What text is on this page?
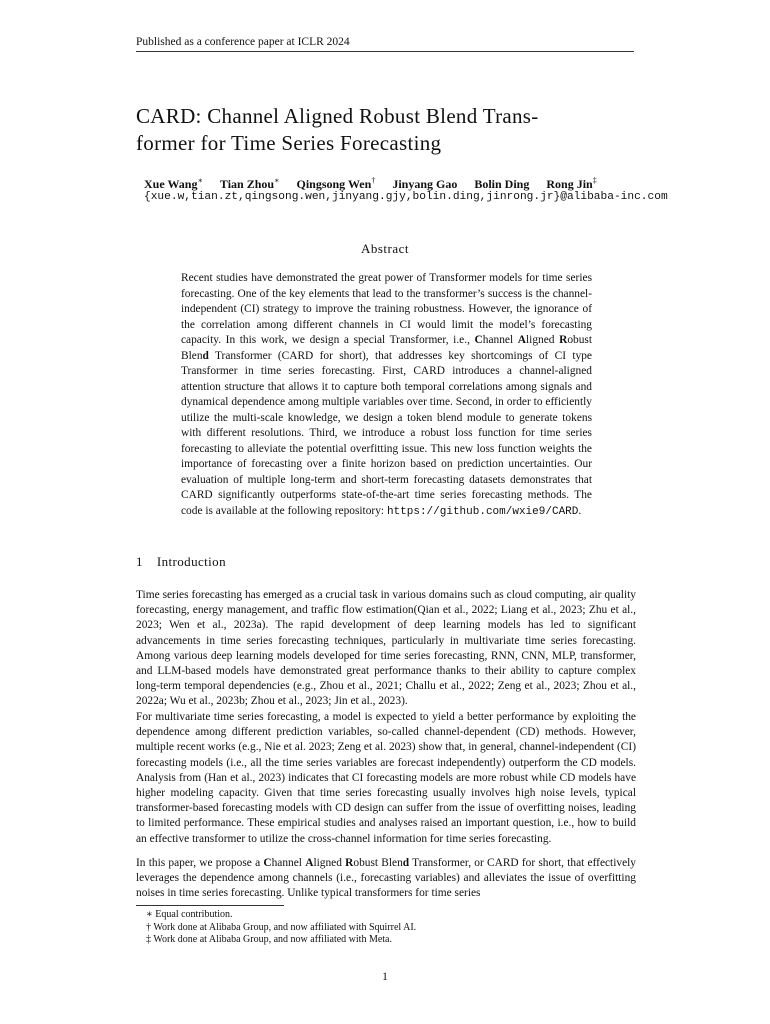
Published as a conference paper at ICLR 2024
CARD: Channel Aligned Robust Blend Trans-
former for Time Series Forecasting
Xue Wang∗ Tian Zhou∗ Qingsong Wen† Jinyang Gao Bolin Ding Rong Jin‡
{xue.w,tian.zt,qingsong.wen,jinyang.gjy,bolin.ding,jinrong.jr}@alibaba-inc.com
Abstract
Recent studies have demonstrated the great power of Transformer models for time series forecasting. One of the key elements that lead to the transformer’s success is the channel-independent (CI) strategy to improve the training robustness. However, the ignorance of the correlation among different channels in CI would limit the model’s forecasting capacity. In this work, we design a special Transformer, i.e., Channel Aligned Robust Blend Transformer (CARD for short), that addresses key shortcomings of CI type Transformer in time series forecasting. First, CARD introduces a channel-aligned attention structure that allows it to capture both temporal correlations among signals and dynamical dependence among multiple variables over time. Second, in order to efficiently utilize the multi-scale knowledge, we design a token blend module to generate tokens with different resolutions. Third, we introduce a robust loss function for time series forecasting to alleviate the potential overfitting issue. This new loss function weights the importance of forecasting over a finite horizon based on prediction uncertainties. Our evaluation of multiple long-term and short-term forecasting datasets demonstrates that CARD significantly outperforms state-of-the-art time series forecasting methods. The code is available at the following repository: https://github.com/wxie9/CARD.
1 Introduction
Time series forecasting has emerged as a crucial task in various domains such as cloud computing, air quality forecasting, energy management, and traffic flow estimation(Qian et al., 2022; Liang et al., 2023; Zhu et al., 2023; Wen et al., 2023a). The rapid development of deep learning models has led to significant advancements in time series forecasting techniques, particularly in multivariate time series forecasting. Among various deep learning models developed for time series forecasting, RNN, CNN, MLP, transformer, and LLM-based models have demonstrated great performance thanks to their ability to capture complex long-term temporal dependencies (e.g., Zhou et al., 2021; Challu et al., 2022; Zeng et al., 2023; Zhou et al., 2022a; Wu et al., 2023b; Zhou et al., 2023; Jin et al., 2023).
For multivariate time series forecasting, a model is expected to yield a better performance by exploiting the dependence among different prediction variables, so-called channel-dependent (CD) methods. However, multiple recent works (e.g., Nie et al. 2023; Zeng et al. 2023) show that, in general, channel-independent (CI) forecasting models (i.e., all the time series variables are forecast independently) outperform the CD models. Analysis from (Han et al., 2023) indicates that CI forecasting models are more robust while CD models have higher modeling capacity. Given that time series forecasting usually involves high noise levels, typical transformer-based forecasting models with CD design can suffer from the issue of overfitting noises, leading to limited performance. These empirical studies and analyses raised an important question, i.e., how to build an effective transformer to utilize the cross-channel information for time series forecasting.
In this paper, we propose a Channel Aligned Robust Blend Transformer, or CARD for short, that effectively leverages the dependence among channels (i.e., forecasting variables) and alleviates the issue of overfitting noises in time series forecasting. Unlike typical transformers for time series
∗ Equal contribution.
† Work done at Alibaba Group, and now affiliated with Squirrel AI.
‡ Work done at Alibaba Group, and now affiliated with Meta.
1
